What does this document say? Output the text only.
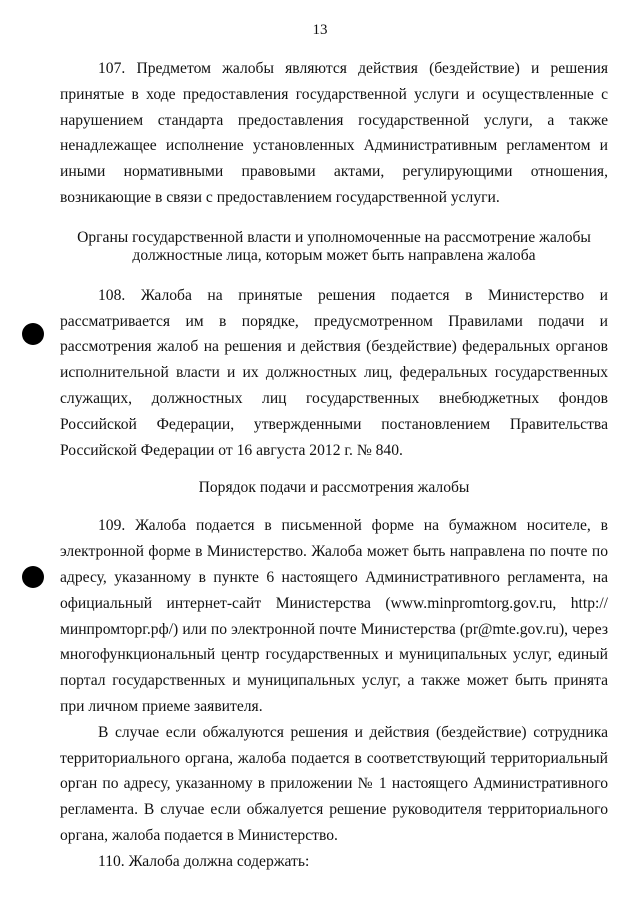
13

107. Предметом жалобы являются действия (бездействие) и решения принятые в ходе предоставления государственной услуги и осуществленные с нарушением стандарта предоставления государственной услуги, а также ненадлежащее исполнение установленных Административным регламентом и иными нормативными правовыми актами, регулирующими отношения, возникающие в связи с предоставлением государственной услуги.

Органы государственной власти и уполномоченные на рассмотрение жалобы должностные лица, которым может быть направлена жалоба

108. Жалоба на принятые решения подается в Министерство и рассматривается им в порядке, предусмотренном Правилами подачи и рассмотрения жалоб на решения и действия (бездействие) федеральных органов исполнительной власти и их должностных лиц, федеральных государственных служащих, должностных лиц государственных внебюджетных фондов Российской Федерации, утвержденными постановлением Правительства Российской Федерации от 16 августа 2012 г. № 840.

Порядок подачи и рассмотрения жалобы

109. Жалоба подается в письменной форме на бумажном носителе, в электронной форме в Министерство. Жалоба может быть направлена по почте по адресу, указанному в пункте 6 настоящего Административного регламента, на официальный интернет-сайт Министерства (www.minpromtorg.gov.ru, http://минпромторг.рф/) или по электронной почте Министерства (pr@mte.gov.ru), через многофункциональный центр государственных и муниципальных услуг, единый портал государственных и муниципальных услуг, а также может быть принята при личном приеме заявителя.

В случае если обжалуются решения и действия (бездействие) сотрудника территориального органа, жалоба подается в соответствующий территориальный орган по адресу, указанному в приложении № 1 настоящего Административного регламента. В случае если обжалуется решение руководителя территориального органа, жалоба подается в Министерство.

110. Жалоба должна содержать:
